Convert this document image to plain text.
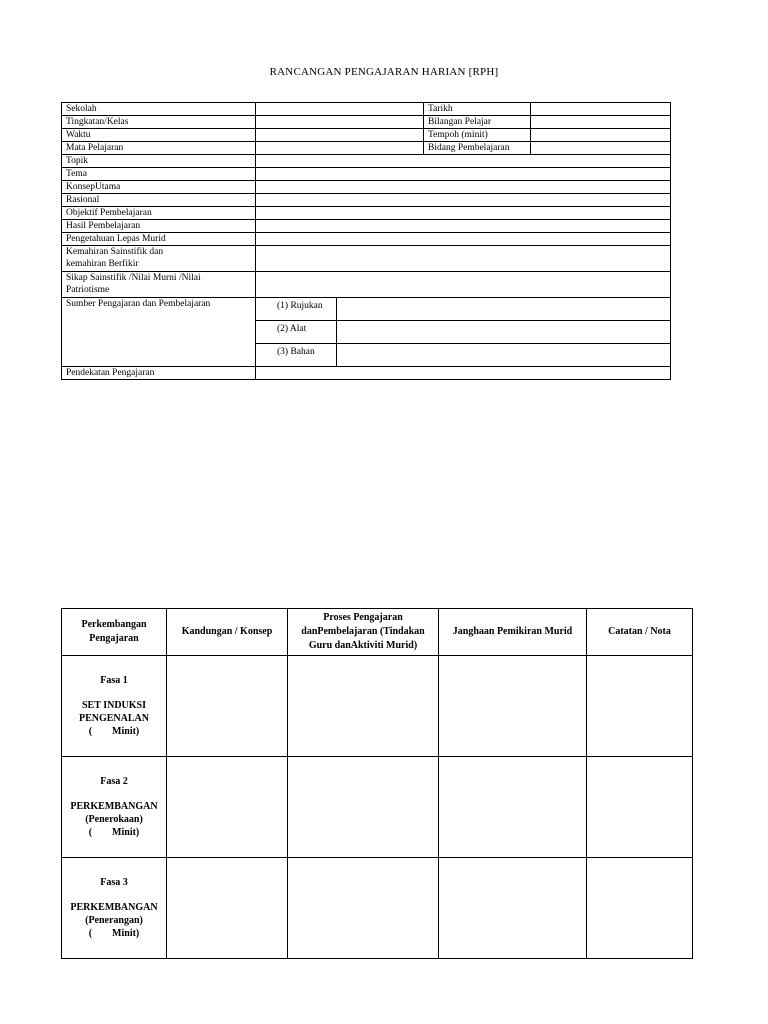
RANCANGAN PENGAJARAN HARIAN [RPH]
Sekolah		Tarikh	
Tingkatan/Kelas		Bilangan Pelajar	
Waktu		Tempoh (minit)	
Mata Pelajaran		Bidang Pembelajaran	
Topik	
Tema	
KonsepUtama	
Rasional	
Objektif Pembelajaran	
Hasil Pembelajaran	
Pengetahuan Lepas Murid	
Kemahiran Sainstifik dan
kemahiran Berfikir	
Sikap Sainstifik /Nilai Murni /Nilai
Patriotisme	
Sumber Pengajaran dan Pembelajaran		(1) Rujukan	
(2) Alat	
(3) Bahan	

Pendekatan Pengajaran	
Perkembangan
Pengajaran	Kandungan / Konsep	Proses Pengajaran
danPembelajaran (Tindakan
Guru danAktiviti Murid)	Janghaan Pemikiran Murid	Catatan / Nota

Fasa 1
SET INDUKSI
PENGENALAN
(        Minit)				

Fasa 2
PERKEMBANGAN
(Penerokaan)
(        Minit)				

Fasa 3
PERKEMBANGAN
(Penerangan)
(        Minit)				
